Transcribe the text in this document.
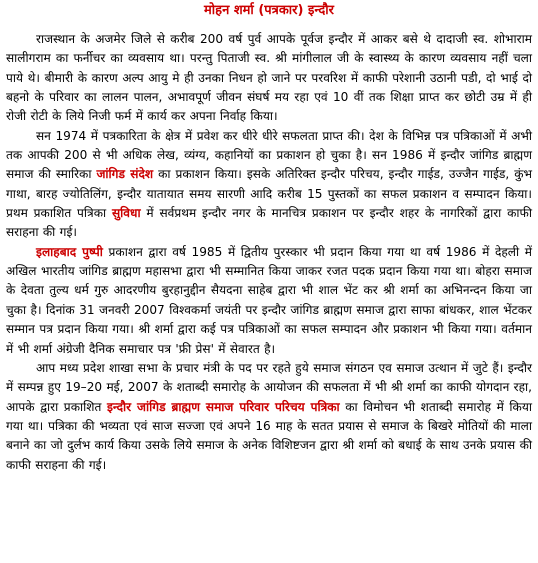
मोहन शर्मा (पत्रकार) इन्दौर

राजस्थान के अजमेर जिले से करीब 200 वर्ष पुर्व आपके पूर्वज इन्दौर में आकर बसे थे दादाजी स्व. शोभाराम सालीगराम का फर्नीचर का व्यवसाय था। परन्तु पिताजी स्व. श्री मांगीलाल जी के स्वास्थ्य के कारण व्यवसाय नहीं चला पाये थे। बीमारी के कारण अल्प आयु मे ही उनका निधन हो जाने पर परवरिश में काफी परेशानी उठानी पडी, दो भाई दो बहनो के परिवार का लालन पालन, अभावपूर्ण जीवन संघर्ष मय रहा एवं 10 वीं तक शिक्षा प्राप्त कर छोटी उम्र में ही रोजी रोटी के लिये निजी फर्म में कार्य कर अपना निर्वाह किया।

सन 1974 में पत्रकारिता के क्षेत्र में प्रवेश कर धीरे धीरे सफलता प्राप्त की। देश के विभिन्न पत्र पत्रिकाओं में अभी तक आपकी 200 से भी अधिक लेख, व्यंग्य, कहानियों का प्रकाशन हो चुका है। सन 1986 में इन्दौर जांगिड ब्राह्मण समाज की स्मारिका जांगिड संदेश का प्रकाशन किया। इसके अतिरिक्त इन्दौर परिचय, इन्दौर गाईड, उज्जैन गाईड, कुंभ गाथा, बारह ज्योतिलिंग, इन्दौर यातायात समय सारणी आदि करीब 15 पुस्तकों का सफल प्रकाशन व सम्पादन किया। प्रथम प्रकाशित पत्रिका सुविधा में सर्वप्रथम इन्दौर नगर के मानचित्र प्रकाशन पर इन्दौर शहर के नागरिकों द्वारा काफी सराहना की गई।

इलाहबाद पुष्पी प्रकाशन द्वारा वर्ष 1985 में द्वितीय पुरस्कार भी प्रदान किया गया था वर्ष 1986 में देहली में अखिल भारतीय जांगिड ब्राह्मण महासभा द्वारा भी सम्मानित किया जाकर रजत पदक प्रदान किया गया था। बोहरा समाज के देवता तुल्य धर्म गुरु आदरणीय बुरहानुद्दीन सैयदना साहेब द्वारा भी शाल भेंट कर श्री शर्मा का अभिनन्दन किया जा चुका है। दिनांक 31 जनवरी 2007 विश्वकर्मा जयंती पर इन्दौर जांगिड ब्राह्मण समाज द्वारा साफा बांधकर, शाल भेंटकर सम्मान पत्र प्रदान किया गया। श्री शर्मा द्वारा कई पत्र पत्रिकाओं का सफल सम्पादन और प्रकाशन भी किया गया। वर्तमान में भी शर्मा अंग्रेजी दैनिक समाचार पत्र 'फ्री प्रेस' में सेवारत है।

आप मध्य प्रदेश शाखा सभा के प्रचार मंत्री के पद पर रहते हुये समाज संगठन एव समाज उत्थान में जुटे हैं। इन्दौर में सम्पन्न हुए 19–20 मई, 2007 के शताब्दी समारोह के आयोजन की सफलता में भी श्री शर्मा का काफी योगदान रहा, आपके द्वारा प्रकाशित इन्दौर जांगिड ब्राह्मण समाज परिवार परिचय पत्रिका का विमोचन भी शताब्दी समारोह में किया गया था। पत्रिका की भव्यता एवं साज सज्जा एवं अपने 16 माह के सतत प्रयास से समाज के बिखरे मोतियों की माला बनाने का जो दुर्लभ कार्य किया उसके लिये समाज के अनेक विशिष्टजन द्वारा श्री शर्मा को बधाई के साथ उनके प्रयास की काफी सराहना की गई।
